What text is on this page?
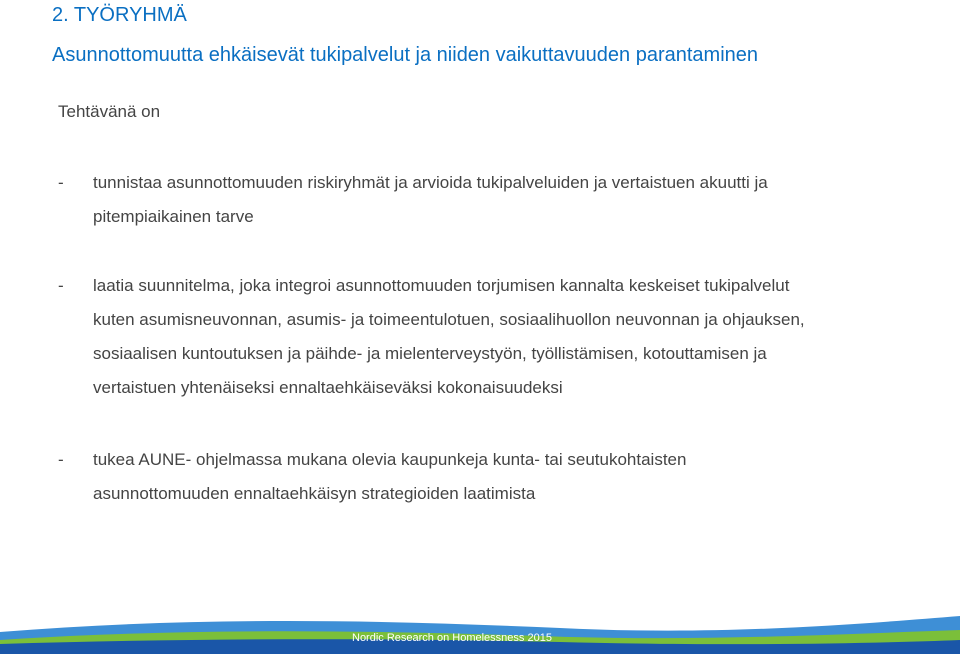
2. TYÖRYHMÄ
Asunnottomuutta ehkäisevät tukipalvelut ja niiden vaikuttavuuden parantaminen
Tehtävänä on
- tunnistaa asunnottomuuden riskiryhmät ja arvioida tukipalveluiden ja vertaistuen akuutti ja
pitempiaikainen tarve
- laatia suunnitelma, joka integroi asunnottomuuden torjumisen kannalta keskeiset tukipalvelut
kuten asumisneuvonnan, asumis- ja toimeentulotuen, sosiaalihuollon neuvonnan ja ohjauksen,
sosiaalisen kuntoutuksen ja päihde- ja mielenterveystyön, työllistämisen, kotouttamisen ja
vertaistuen yhtenäiseksi ennaltaehkäiseväksi kokonaisuudeksi
- tukea AUNE- ohjelmassa mukana olevia kaupunkeja kunta- tai seutukohtaisten
asunnottomuuden ennaltaehkäisyn strategioiden laatimista
Nordic Research on Homelessness 2015
